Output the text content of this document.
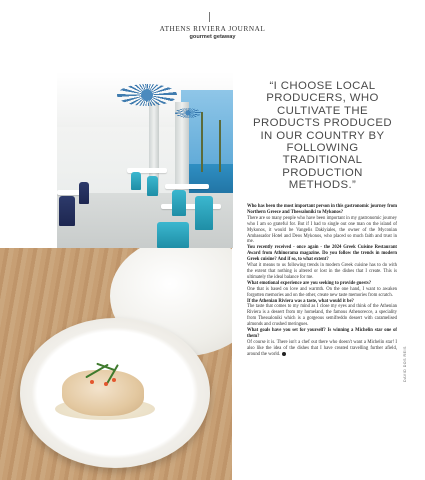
ATHENS RIVIERA JOURNAL
gourmet getaway
“I CHOOSE LOCAL PRODUCERS, WHO CULTIVATE THE PRODUCTS PRODUCED IN OUR COUNTRY BY FOLLOWING TRADITIONAL PRODUCTION METHODS.”

Who has been the most important person in this gastronomic journey from Northern Greece and Thessaloniki to Mykonos?

There are so many people who have been important in my gastronomic journey who I am so grateful for. But if I had to single out one man on the island of Mykonos, it would be Vangelis Dakiyiales, the owner of the Myconian Ambassador Hotel and Deos Mykonos, who placed so much faith and trust in me.

You recently received - once again - the 2024 Greek Cuisine Restaurant Award from Athinorama magazine. Do you follow the trends in modern Greek cuisine? And if so, to what extent?

What it means to us following trends in modern Greek cuisine has to do with the extent that nothing is altered or lost in the dishes that I create. This is ultimately the ideal balance for me.

What emotional experience are you seeking to provide guests?

One that is based on love and warmth. On the one hand, I want to awaken forgotten memories and on the other, create new taste memories from scratch.

If the Athenian Riviera was a taste, what would it be?

The taste that comes to my mind as I close my eyes and think of the Athenian Riviera is a dessert from my homeland, the famous Athenorecce, a speciality from Thessaloniki which is a gorgeous semifreddo dessert with caramelised almonds and crushed meringues.

What goals have you set for yourself? Is winning a Michelin star one of them?

Of course it is. There isn't a chef out there who doesn't want a Michelin star! I also like the idea of the dishes that I have created travelling further afield, around the world.	DAVID DOS REIS
